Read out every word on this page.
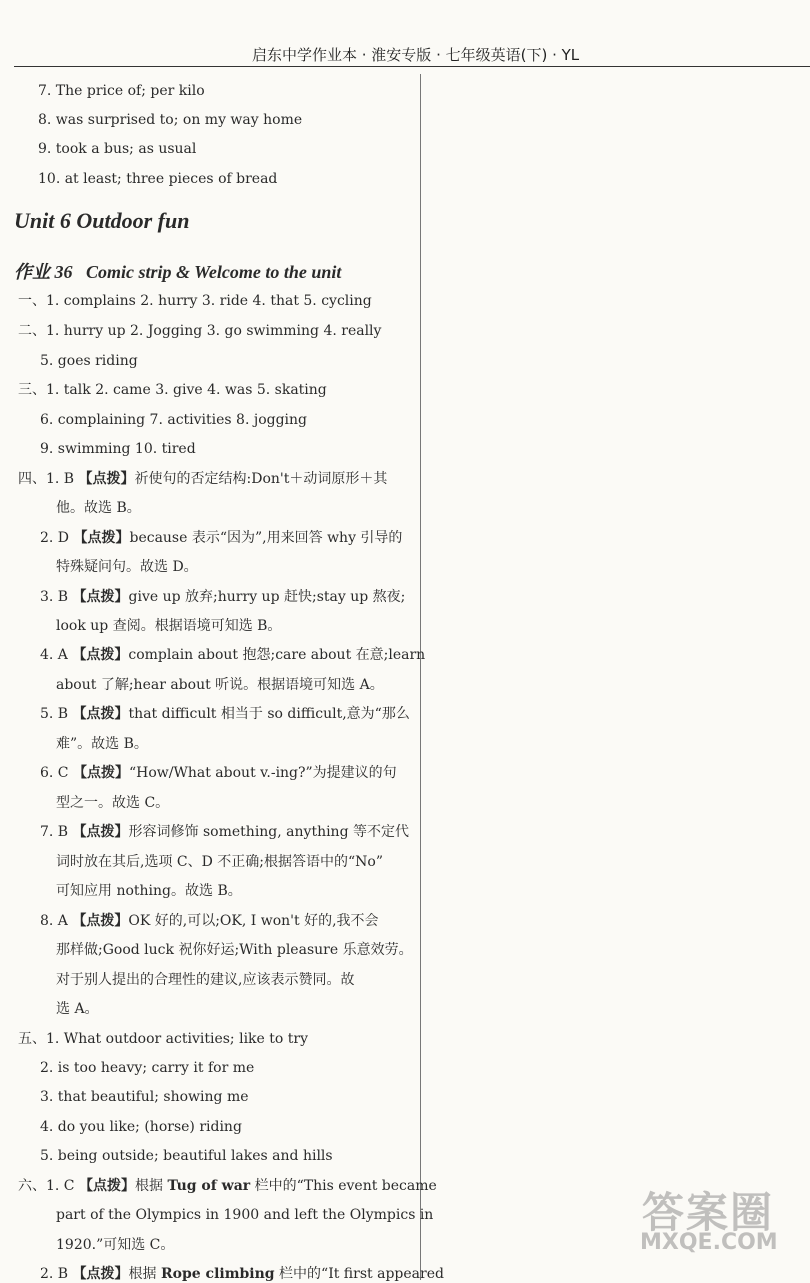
启东中学作业本 · 淮安专版 · 七年级英语(下) · YL
7. The price of; per kilo
8. was surprised to; on my way home
9. took a bus; as usual
10. at least; three pieces of bread
Unit 6 Outdoor fun
作业 36 Comic strip & Welcome to the unit
一、1. complains 2. hurry 3. ride 4. that 5. cycling
二、1. hurry up 2. Jogging 3. go swimming 4. really
5. goes riding
三、1. talk 2. came 3. give 4. was 5. skating
6. complaining 7. activities 8. jogging
9. swimming 10. tired
四、1. B 【点拨】祈使句的否定结构:Don't＋动词原形＋其
他。故选 B。
2. D 【点拨】because 表示“因为”,用来回答 why 引导的
特殊疑问句。故选 D。
3. B 【点拨】give up 放弃;hurry up 赶快;stay up 熬夜;
look up 查阅。根据语境可知选 B。
4. A 【点拨】complain about 抱怨;care about 在意;learn
about 了解;hear about 听说。根据语境可知选 A。
5. B 【点拨】that difficult 相当于 so difficult,意为“那么
难”。故选 B。
6. C 【点拨】“How/What about v.-ing?”为提建议的句
型之一。故选 C。
7. B 【点拨】形容词修饰 something, anything 等不定代
词时放在其后,选项 C、D 不正确;根据答语中的“No”
可知应用 nothing。故选 B。
8. A 【点拨】OK 好的,可以;OK, I won't 好的,我不会
那样做;Good luck 祝你好运;With pleasure 乐意效劳。
对于别人提出的合理性的建议,应该表示赞同。故
选 A。
五、1. What outdoor activities; like to try
2. is too heavy; carry it for me
3. that beautiful; showing me
4. do you like; (horse) riding
5. being outside; beautiful lakes and hills
六、1. C 【点拨】根据 Tug of war 栏中的“This event became
part of the Olympics in 1900 and left the Olympics in
1920.”可知选 C。
2. B 【点拨】根据 Rope climbing 栏中的“It first appeared

答案圈
MXQE.COM
